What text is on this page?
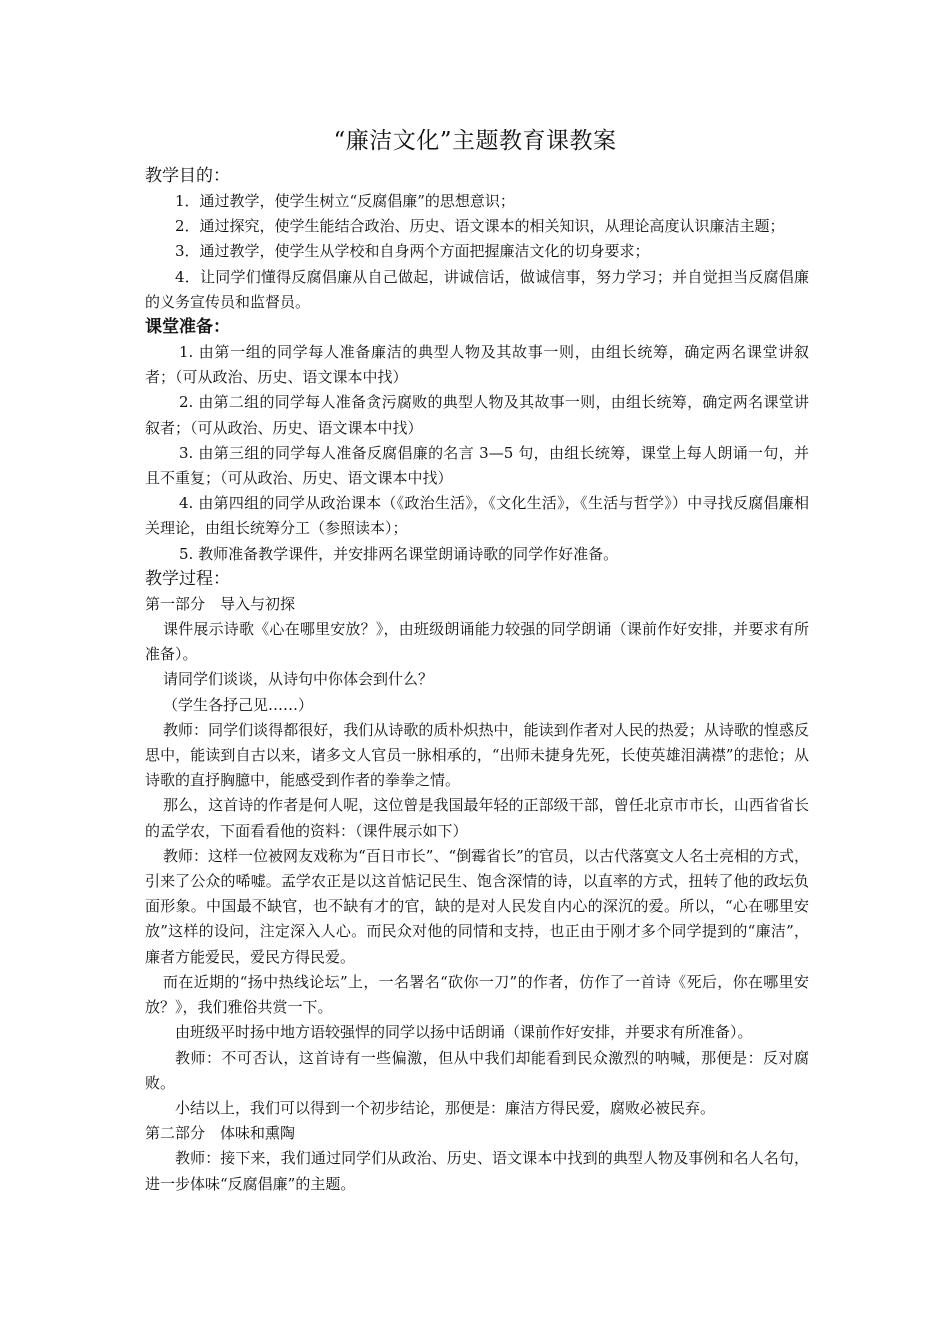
“廉洁文化”主题教育课教案

教学目的：

1．通过教学，使学生树立“反腐倡廉”的思想意识；

2．通过探究，使学生能结合政治、历史、语文课本的相关知识，从理论高度认识廉洁主题；

3．通过教学，使学生从学校和自身两个方面把握廉洁文化的切身要求；

4．让同学们懂得反腐倡廉从自己做起，讲诚信话，做诚信事，努力学习；并自觉担当反腐倡廉的义务宣传员和监督员。

课堂准备：

1. 由第一组的同学每人准备廉洁的典型人物及其故事一则，由组长统筹，确定两名课堂讲叙者；（可从政治、历史、语文课本中找）

2. 由第二组的同学每人准备贪污腐败的典型人物及其故事一则，由组长统筹，确定两名课堂讲叙者；（可从政治、历史、语文课本中找）

3. 由第三组的同学每人准备反腐倡廉的名言 3—5 句，由组长统筹，课堂上每人朗诵一句，并且不重复；（可从政治、历史、语文课本中找）

4. 由第四组的同学从政治课本（《政治生活》，《文化生活》，《生活与哲学》）中寻找反腐倡廉相关理论，由组长统筹分工（参照读本）；

5. 教师准备教学课件，并安排两名课堂朗诵诗歌的同学作好准备。

教学过程：

第一部分　导入与初探

课件展示诗歌《心在哪里安放？》，由班级朗诵能力较强的同学朗诵（课前作好安排，并要求有所准备）。

请同学们谈谈，从诗句中你体会到什么？

（学生各抒己见……）

教师：同学们谈得都很好，我们从诗歌的质朴炽热中，能读到作者对人民的热爱；从诗歌的惶惑反思中，能读到自古以来，诸多文人官员一脉相承的，“出师未捷身先死，长使英雄泪满襟”的悲怆；从诗歌的直抒胸臆中，能感受到作者的拳拳之情。

那么，这首诗的作者是何人呢，这位曾是我国最年轻的正部级干部，曾任北京市市长，山西省省长的孟学农，下面看看他的资料：（课件展示如下）

教师：这样一位被网友戏称为“百日市长”、“倒霉省长”的官员，以古代落寞文人名士亮相的方式，引来了公众的唏嘘。孟学农正是以这首惦记民生、饱含深情的诗，以直率的方式，扭转了他的政坛负面形象。中国最不缺官，也不缺有才的官，缺的是对人民发自内心的深沉的爱。所以，“心在哪里安放”这样的设问，注定深入人心。而民众对他的同情和支持，也正由于刚才多个同学提到的“廉洁”，廉者方能爱民，爱民方得民爱。

而在近期的“扬中热线论坛”上，一名署名“砍你一刀”的作者，仿作了一首诗《死后，你在哪里安放？》，我们雅俗共赏一下。

由班级平时扬中地方语较强悍的同学以扬中话朗诵（课前作好安排，并要求有所准备）。

教师：不可否认，这首诗有一些偏激，但从中我们却能看到民众激烈的呐喊，那便是：反对腐败。

小结以上，我们可以得到一个初步结论，那便是：廉洁方得民爱，腐败必被民弃。

第二部分　体味和熏陶

教师：接下来，我们通过同学们从政治、历史、语文课本中找到的典型人物及事例和名人名句，进一步体味“反腐倡廉”的主题。
